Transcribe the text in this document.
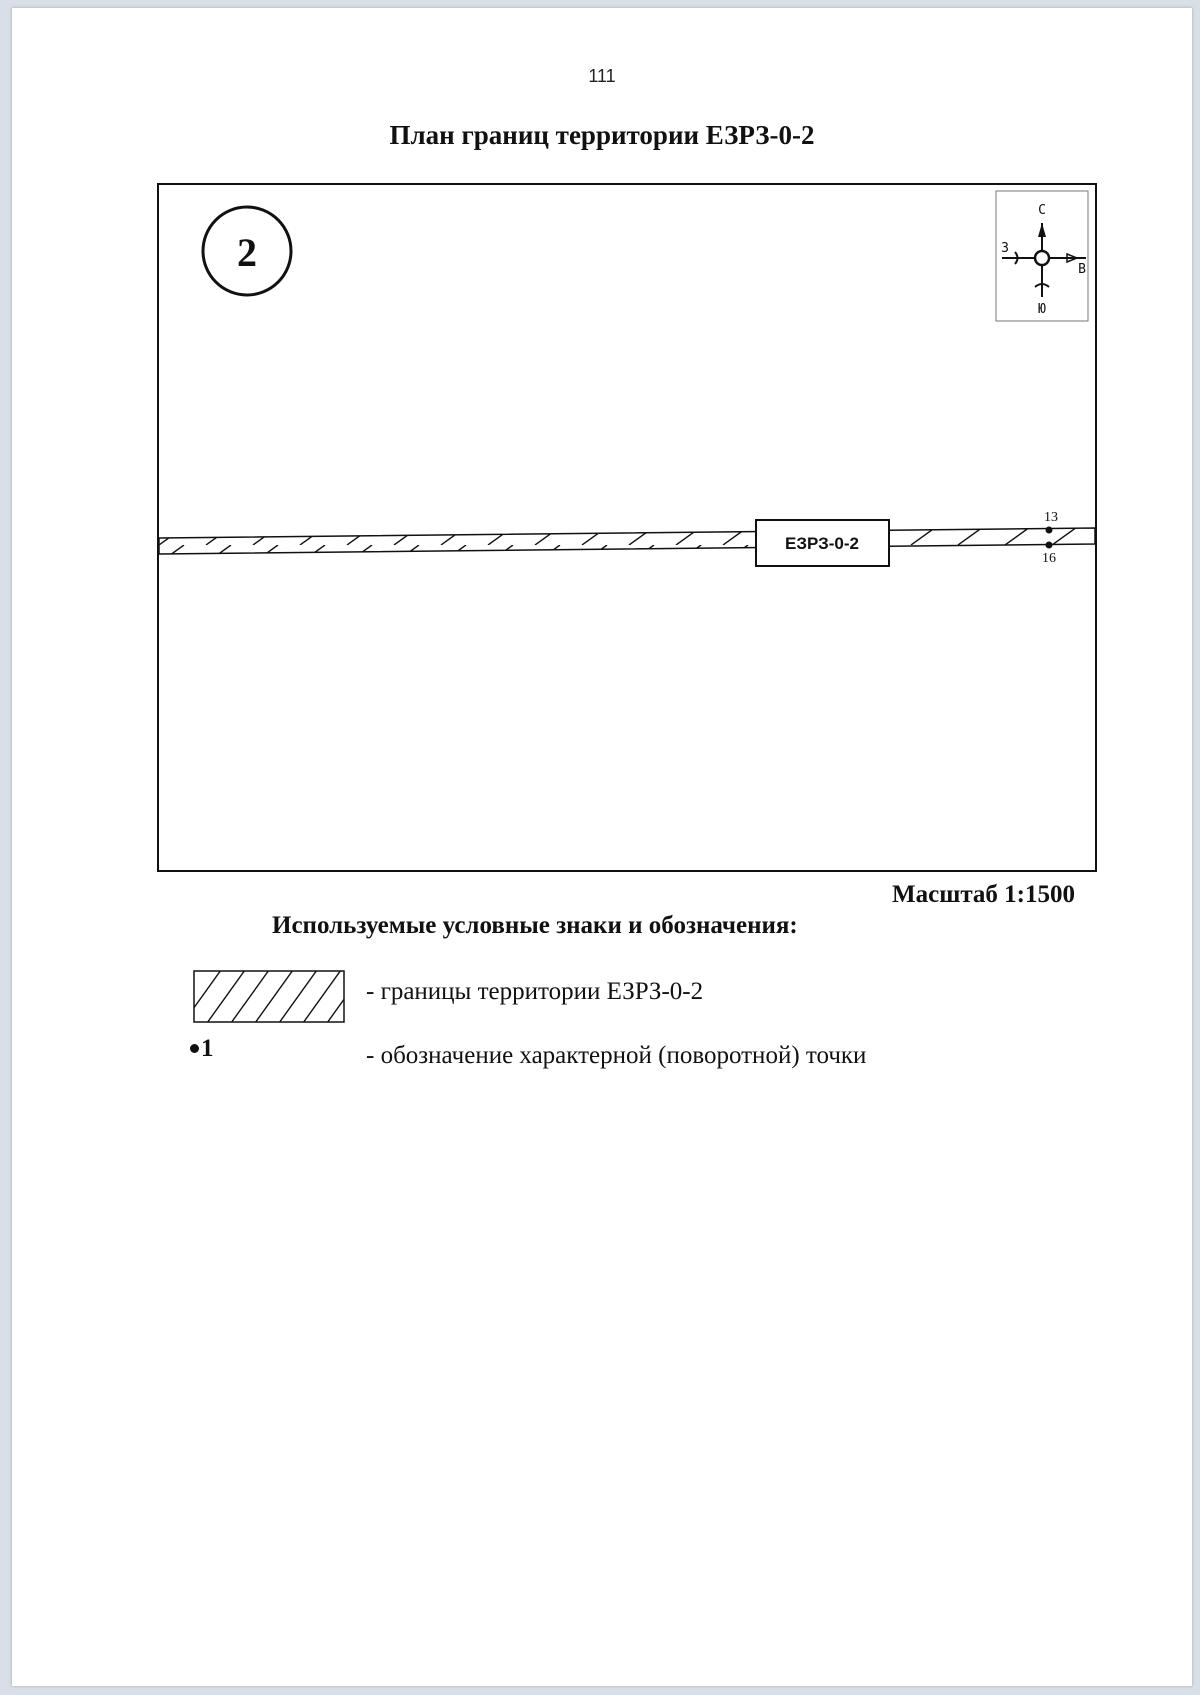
111
План границ территории ЕЗРЗ-0-2
2
С
Ю
З
В
ЕЗРЗ-0-2
13
16
Масштаб 1:1500
Используемые условные знаки и обозначения:
- границы территории ЕЗРЗ-0-2
1	- обозначение характерной (поворотной) точки
